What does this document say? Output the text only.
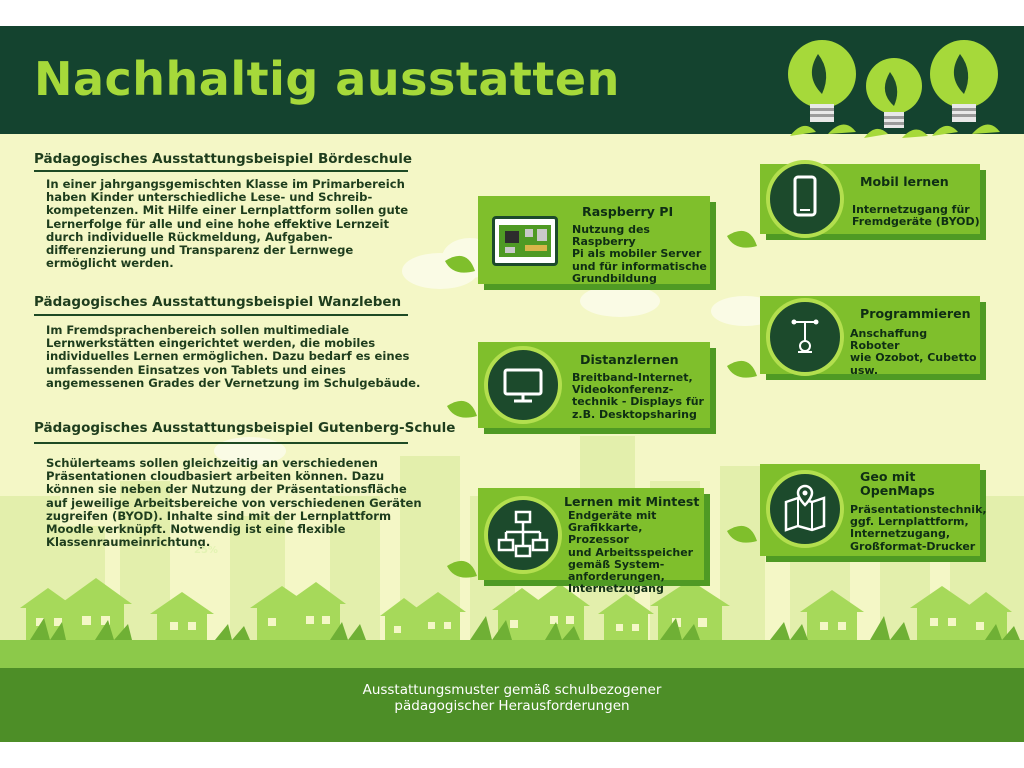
Nachhaltig ausstatten
Pädagogisches Ausstattungsbeispiel Bördeschule

In einer jahrgangsgemischten Klasse im Primarbereich
haben Kinder unterschiedliche Lese- und Schreib-
kompetenzen. Mit Hilfe einer Lernplattform sollen gute
Lernerfolge für alle und eine hohe effektive Lernzeit
durch individuelle Rückmeldung, Aufgaben-
differenzierung und Transparenz der Lernwege
ermöglicht werden.

Pädagogisches Ausstattungsbeispiel Wanzleben

Im Fremdsprachenbereich sollen multimediale
Lernwerkstätten eingerichtet werden, die mobiles
individuelles Lernen ermöglichen. Dazu bedarf es eines
umfassenden Einsatzes von Tablets und eines
angemessenen Grades der Vernetzung im Schulgebäude.

Pädagogisches Ausstattungsbeispiel Gutenberg-Schule

Schülerteams sollen gleichzeitig an verschiedenen
Präsentationen cloudbasiert arbeiten können. Dazu
können sie neben der Nutzung der Präsentationsfläche
auf jeweilige Arbeitsbereiche von verschiedenen Geräten
zugreifen (BYOD). Inhalte sind mit der Lernplattform
Moodle verknüpft. Notwendig ist eine flexible
Klassenraumeinrichtung.

25%
Raspberry PI

Nutzung des Raspberry
Pi als mobiler Server
und für informatische
Grundbildung

Mobil lernen

Internetzugang für
Fremdgeräte (BYOD)

Programmieren

Anschaffung Roboter
wie Ozobot, Cubetto
usw.

Distanzlernen

Breitband-Internet,
Videokonferenz-
technik - Displays für
z.B. Desktopsharing

Geo mit
OpenMaps

Präsentationstechnik,
ggf. Lernplattform,
Internetzugang,
Großformat-Drucker

Lernen mit Mintest

Endgeräte mit
Grafikkarte, Prozessor
und Arbeitsspeicher
gemäß System-
anforderungen,
Internetzugang

Ausstattungsmuster gemäß schulbezogener
pädagogischer Herausforderungen
